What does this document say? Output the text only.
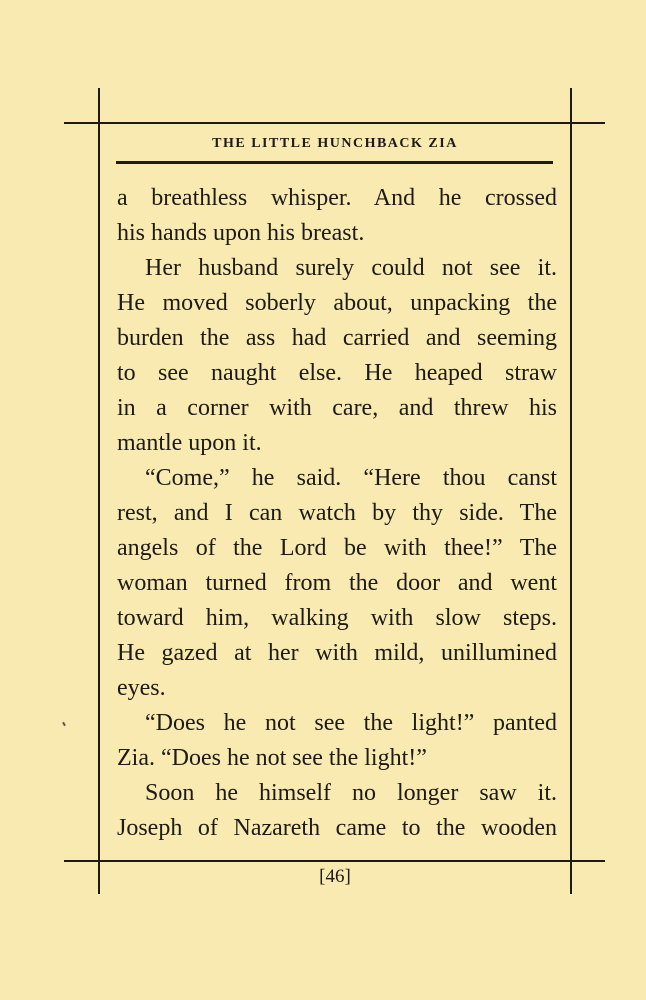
THE LITTLE HUNCHBACK ZIA
a breathless whisper. And he crossed
his hands upon his breast.
Her husband surely could not see it.
He moved soberly about, unpacking the
burden the ass had carried and seeming
to see naught else. He heaped straw
in a corner with care, and threw his
mantle upon it.
“Come,” he said. “Here thou canst
rest, and I can watch by thy side. The
angels of the Lord be with thee!” The
woman turned from the door and went
toward him, walking with slow steps.
He gazed at her with mild, unillumined
eyes.
“Does he not see the light!” panted
Zia. “Does he not see the light!”
Soon he himself no longer saw it.
Joseph of Nazareth came to the wooden
[46]
